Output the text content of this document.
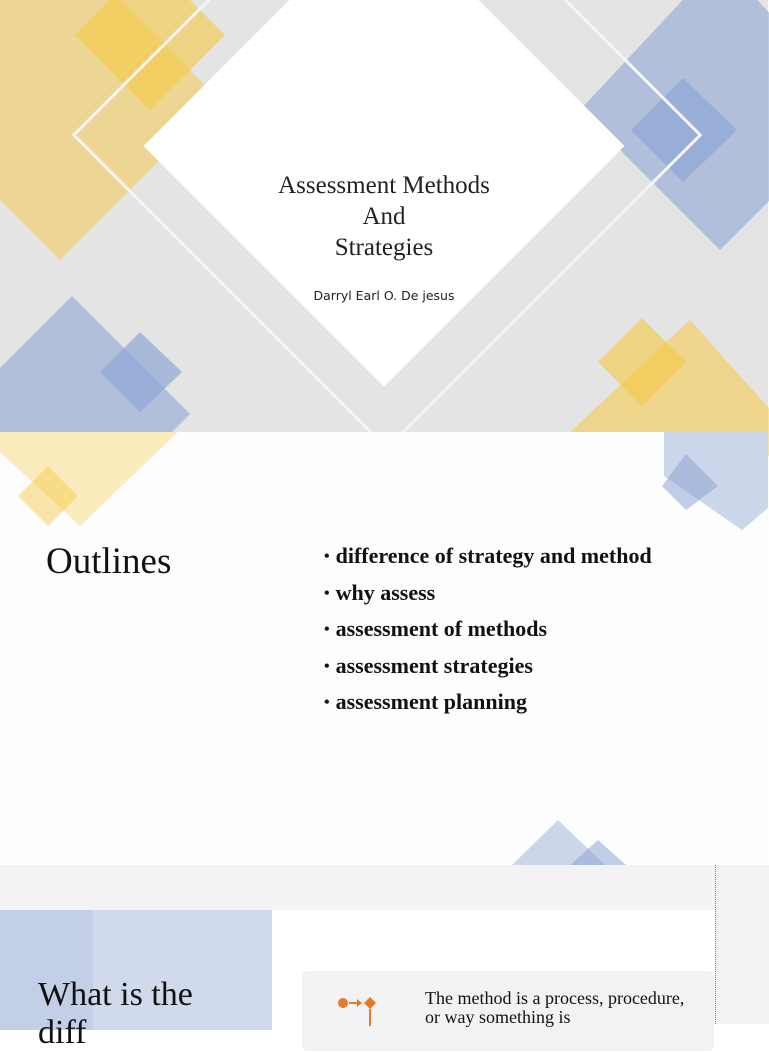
Assessment Methods
And
Strategies
Darryl Earl O. De jesus
Outlines	• difference of strategy and method
• why assess
• assessment of methods
• assessment strategies
• assessment planning
What is the
diff
The method is a process, procedure, or way something is
